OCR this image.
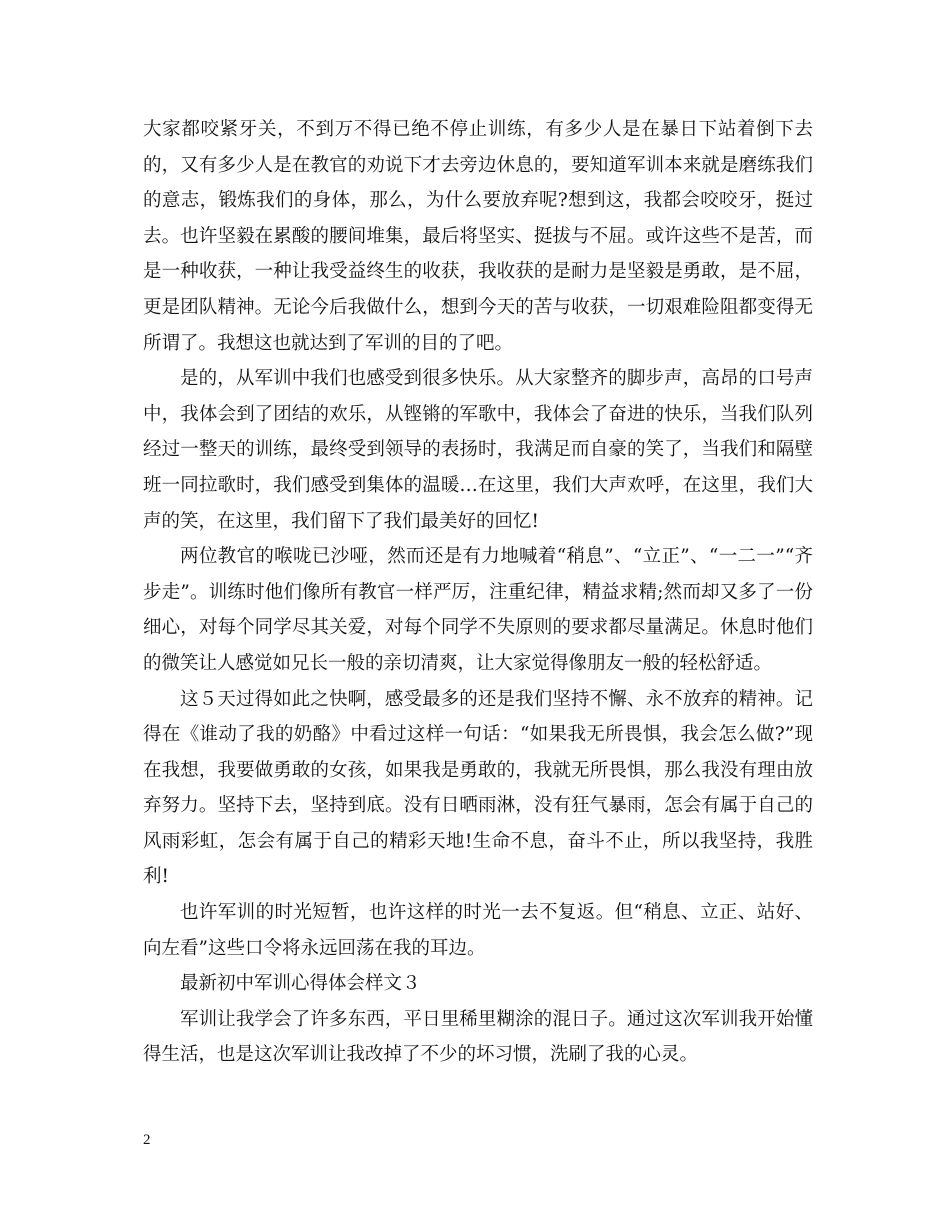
大家都咬紧牙关，不到万不得已绝不停止训练，有多少人是在暴日下站着倒下去的，又有多少人是在教官的劝说下才去旁边休息的，要知道军训本来就是磨练我们的意志，锻炼我们的身体，那么，为什么要放弃呢?想到这，我都会咬咬牙，挺过去。也许坚毅在累酸的腰间堆集，最后将坚实、挺拔与不屈。或许这些不是苦，而是一种收获，一种让我受益终生的收获，我收获的是耐力是坚毅是勇敢，是不屈，更是团队精神。无论今后我做什么，想到今天的苦与收获，一切艰难险阻都变得无所谓了。我想这也就达到了军训的目的了吧。

是的，从军训中我们也感受到很多快乐。从大家整齐的脚步声，高昂的口号声中，我体会到了团结的欢乐，从铿锵的军歌中，我体会了奋进的快乐，当我们队列经过一整天的训练，最终受到领导的表扬时，我满足而自豪的笑了，当我们和隔壁班一同拉歌时，我们感受到集体的温暖…在这里，我们大声欢呼，在这里，我们大声的笑，在这里，我们留下了我们最美好的回忆!

两位教官的喉咙已沙哑，然而还是有力地喊着“稍息”、“立正”、“一二一”“齐步走”。训练时他们像所有教官一样严厉，注重纪律，精益求精;然而却又多了一份细心，对每个同学尽其关爱，对每个同学不失原则的要求都尽量满足。休息时他们的微笑让人感觉如兄长一般的亲切清爽，让大家觉得像朋友一般的轻松舒适。

这５天过得如此之快啊，感受最多的还是我们坚持不懈、永不放弃的精神。记得在《谁动了我的奶酪》中看过这样一句话：“如果我无所畏惧，我会怎么做?”现在我想，我要做勇敢的女孩，如果我是勇敢的，我就无所畏惧，那么我没有理由放弃努力。坚持下去，坚持到底。没有日晒雨淋，没有狂气暴雨，怎会有属于自己的风雨彩虹，怎会有属于自己的精彩天地!生命不息，奋斗不止，所以我坚持，我胜利!

也许军训的时光短暂，也许这样的时光一去不复返。但“稍息、立正、站好、向左看”这些口令将永远回荡在我的耳边。

最新初中军训心得体会样文３

军训让我学会了许多东西，平日里稀里糊涂的混日子。通过这次军训我开始懂得生活，也是这次军训让我改掉了不少的坏习惯，洗刷了我的心灵。

2
